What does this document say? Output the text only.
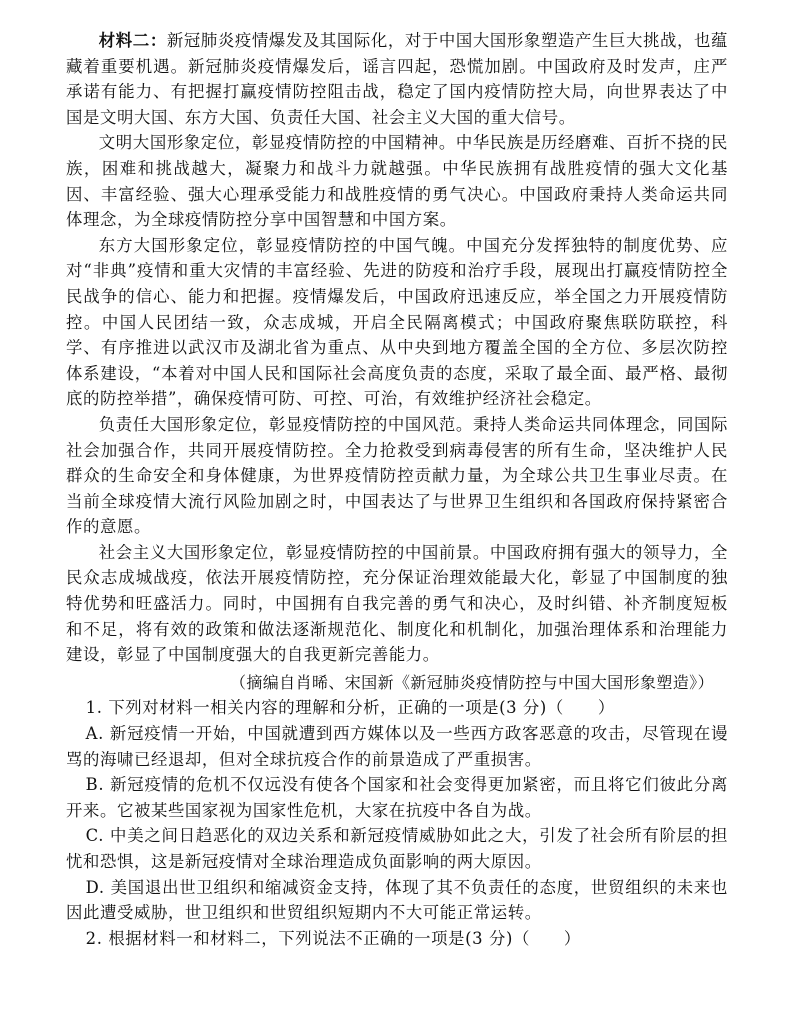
材料二：新冠肺炎疫情爆发及其国际化，对于中国大国形象塑造产生巨大挑战，也蕴藏着重要机遇。新冠肺炎疫情爆发后，谣言四起，恐慌加剧。中国政府及时发声，庄严承诺有能力、有把握打赢疫情防控阻击战，稳定了国内疫情防控大局，向世界表达了中国是文明大国、东方大国、负责任大国、社会主义大国的重大信号。

文明大国形象定位，彰显疫情防控的中国精神。中华民族是历经磨难、百折不挠的民族，困难和挑战越大，凝聚力和战斗力就越强。中华民族拥有战胜疫情的强大文化基因、丰富经验、强大心理承受能力和战胜疫情的勇气决心。中国政府秉持人类命运共同体理念，为全球疫情防控分享中国智慧和中国方案。

东方大国形象定位，彰显疫情防控的中国气魄。中国充分发挥独特的制度优势、应对“非典”疫情和重大灾情的丰富经验、先进的防疫和治疗手段，展现出打赢疫情防控全民战争的信心、能力和把握。疫情爆发后，中国政府迅速反应，举全国之力开展疫情防控。中国人民团结一致，众志成城，开启全民隔离模式；中国政府聚焦联防联控，科学、有序推进以武汉市及湖北省为重点、从中央到地方覆盖全国的全方位、多层次防控体系建设，“本着对中国人民和国际社会高度负责的态度，采取了最全面、最严格、最彻底的防控举措”，确保疫情可防、可控、可治，有效维护经济社会稳定。

负责任大国形象定位，彰显疫情防控的中国风范。秉持人类命运共同体理念，同国际社会加强合作，共同开展疫情防控。全力抢救受到病毒侵害的所有生命，坚决维护人民群众的生命安全和身体健康，为世界疫情防控贡献力量，为全球公共卫生事业尽责。在当前全球疫情大流行风险加剧之时，中国表达了与世界卫生组织和各国政府保持紧密合作的意愿。

社会主义大国形象定位，彰显疫情防控的中国前景。中国政府拥有强大的领导力，全民众志成城战疫，依法开展疫情防控，充分保证治理效能最大化，彰显了中国制度的独特优势和旺盛活力。同时，中国拥有自我完善的勇气和决心，及时纠错、补齐制度短板和不足，将有效的政策和做法逐渐规范化、制度化和机制化，加强治理体系和治理能力建设，彰显了中国制度强大的自我更新完善能力。

（摘编自肖晞、宋国新《新冠肺炎疫情防控与中国大国形象塑造》）

1. 下列对材料一相关内容的理解和分析，正确的一项是(3 分)（　　）

A. 新冠疫情一开始，中国就遭到西方媒体以及一些西方政客恶意的攻击，尽管现在谩骂的海啸已经退却，但对全球抗疫合作的前景造成了严重损害。

B. 新冠疫情的危机不仅远没有使各个国家和社会变得更加紧密，而且将它们彼此分离开来。它被某些国家视为国家性危机，大家在抗疫中各自为战。

C. 中美之间日趋恶化的双边关系和新冠疫情威胁如此之大，引发了社会所有阶层的担忧和恐惧，这是新冠疫情对全球治理造成负面影响的两大原因。

D. 美国退出世卫组织和缩减资金支持，体现了其不负责任的态度，世贸组织的未来也因此遭受威胁，世卫组织和世贸组织短期内不大可能正常运转。

2. 根据材料一和材料二，下列说法不正确的一项是(3 分)（　　）
